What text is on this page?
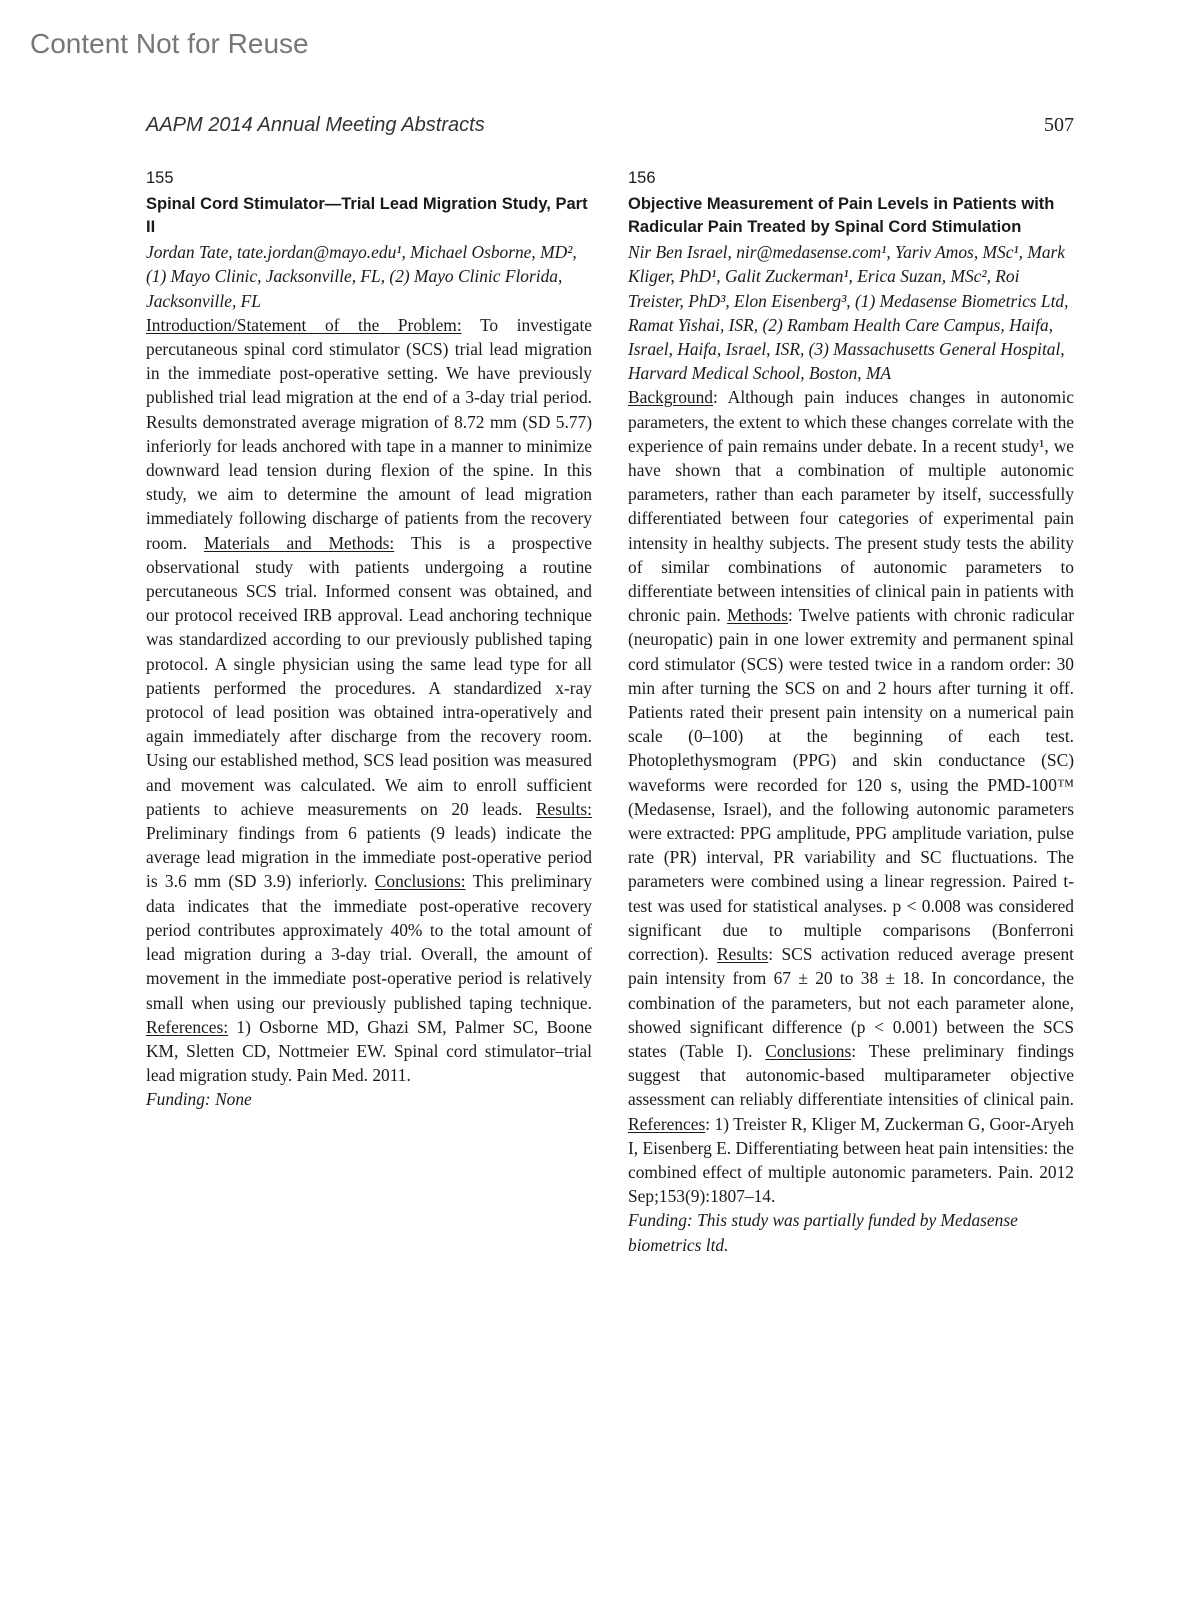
Content Not for Reuse
AAPM 2014 Annual Meeting Abstracts	507
155
Spinal Cord Stimulator—Trial Lead Migration Study, Part II
Jordan Tate, tate.jordan@mayo.edu¹, Michael Osborne, MD², (1) Mayo Clinic, Jacksonville, FL, (2) Mayo Clinic Florida, Jacksonville, FL
Introduction/Statement of the Problem: To investigate percutaneous spinal cord stimulator (SCS) trial lead migration in the immediate post-operative setting. We have previously published trial lead migration at the end of a 3-day trial period. Results demonstrated average migration of 8.72 mm (SD 5.77) inferiorly for leads anchored with tape in a manner to minimize downward lead tension during flexion of the spine. In this study, we aim to determine the amount of lead migration immediately following discharge of patients from the recovery room. Materials and Methods: This is a prospective observational study with patients undergoing a routine percutaneous SCS trial. Informed consent was obtained, and our protocol received IRB approval. Lead anchoring technique was standardized according to our previously published taping protocol. A single physician using the same lead type for all patients performed the procedures. A standardized x-ray protocol of lead position was obtained intra-operatively and again immediately after discharge from the recovery room. Using our established method, SCS lead position was measured and movement was calculated. We aim to enroll sufficient patients to achieve measurements on 20 leads. Results: Preliminary findings from 6 patients (9 leads) indicate the average lead migration in the immediate post-operative period is 3.6 mm (SD 3.9) inferiorly. Conclusions: This preliminary data indicates that the immediate post-operative recovery period contributes approximately 40% to the total amount of lead migration during a 3-day trial. Overall, the amount of movement in the immediate post-operative period is relatively small when using our previously published taping technique. References: 1) Osborne MD, Ghazi SM, Palmer SC, Boone KM, Sletten CD, Nottmeier EW. Spinal cord stimulator–trial lead migration study. Pain Med. 2011.
Funding: None
156
Objective Measurement of Pain Levels in Patients with Radicular Pain Treated by Spinal Cord Stimulation
Nir Ben Israel, nir@medasense.com¹, Yariv Amos, MSc¹, Mark Kliger, PhD¹, Galit Zuckerman¹, Erica Suzan, MSc², Roi Treister, PhD³, Elon Eisenberg³, (1) Medasense Biometrics Ltd, Ramat Yishai, ISR, (2) Rambam Health Care Campus, Haifa, Israel, Haifa, Israel, ISR, (3) Massachusetts General Hospital, Harvard Medical School, Boston, MA
Background: Although pain induces changes in autonomic parameters, the extent to which these changes correlate with the experience of pain remains under debate. In a recent study¹, we have shown that a combination of multiple autonomic parameters, rather than each parameter by itself, successfully differentiated between four categories of experimental pain intensity in healthy subjects. The present study tests the ability of similar combinations of autonomic parameters to differentiate between intensities of clinical pain in patients with chronic pain. Methods: Twelve patients with chronic radicular (neuropatic) pain in one lower extremity and permanent spinal cord stimulator (SCS) were tested twice in a random order: 30 min after turning the SCS on and 2 hours after turning it off. Patients rated their present pain intensity on a numerical pain scale (0–100) at the beginning of each test. Photoplethysmogram (PPG) and skin conductance (SC) waveforms were recorded for 120 s, using the PMD-100™ (Medasense, Israel), and the following autonomic parameters were extracted: PPG amplitude, PPG amplitude variation, pulse rate (PR) interval, PR variability and SC fluctuations. The parameters were combined using a linear regression. Paired t-test was used for statistical analyses. p < 0.008 was considered significant due to multiple comparisons (Bonferroni correction). Results: SCS activation reduced average present pain intensity from 67 ± 20 to 38 ± 18. In concordance, the combination of the parameters, but not each parameter alone, showed significant difference (p < 0.001) between the SCS states (Table I). Conclusions: These preliminary findings suggest that autonomic-based multiparameter objective assessment can reliably differentiate intensities of clinical pain. References: 1) Treister R, Kliger M, Zuckerman G, Goor-Aryeh I, Eisenberg E. Differentiating between heat pain intensities: the combined effect of multiple autonomic parameters. Pain. 2012 Sep;153(9):1807–14.
Funding: This study was partially funded by Medasense biometrics ltd.
